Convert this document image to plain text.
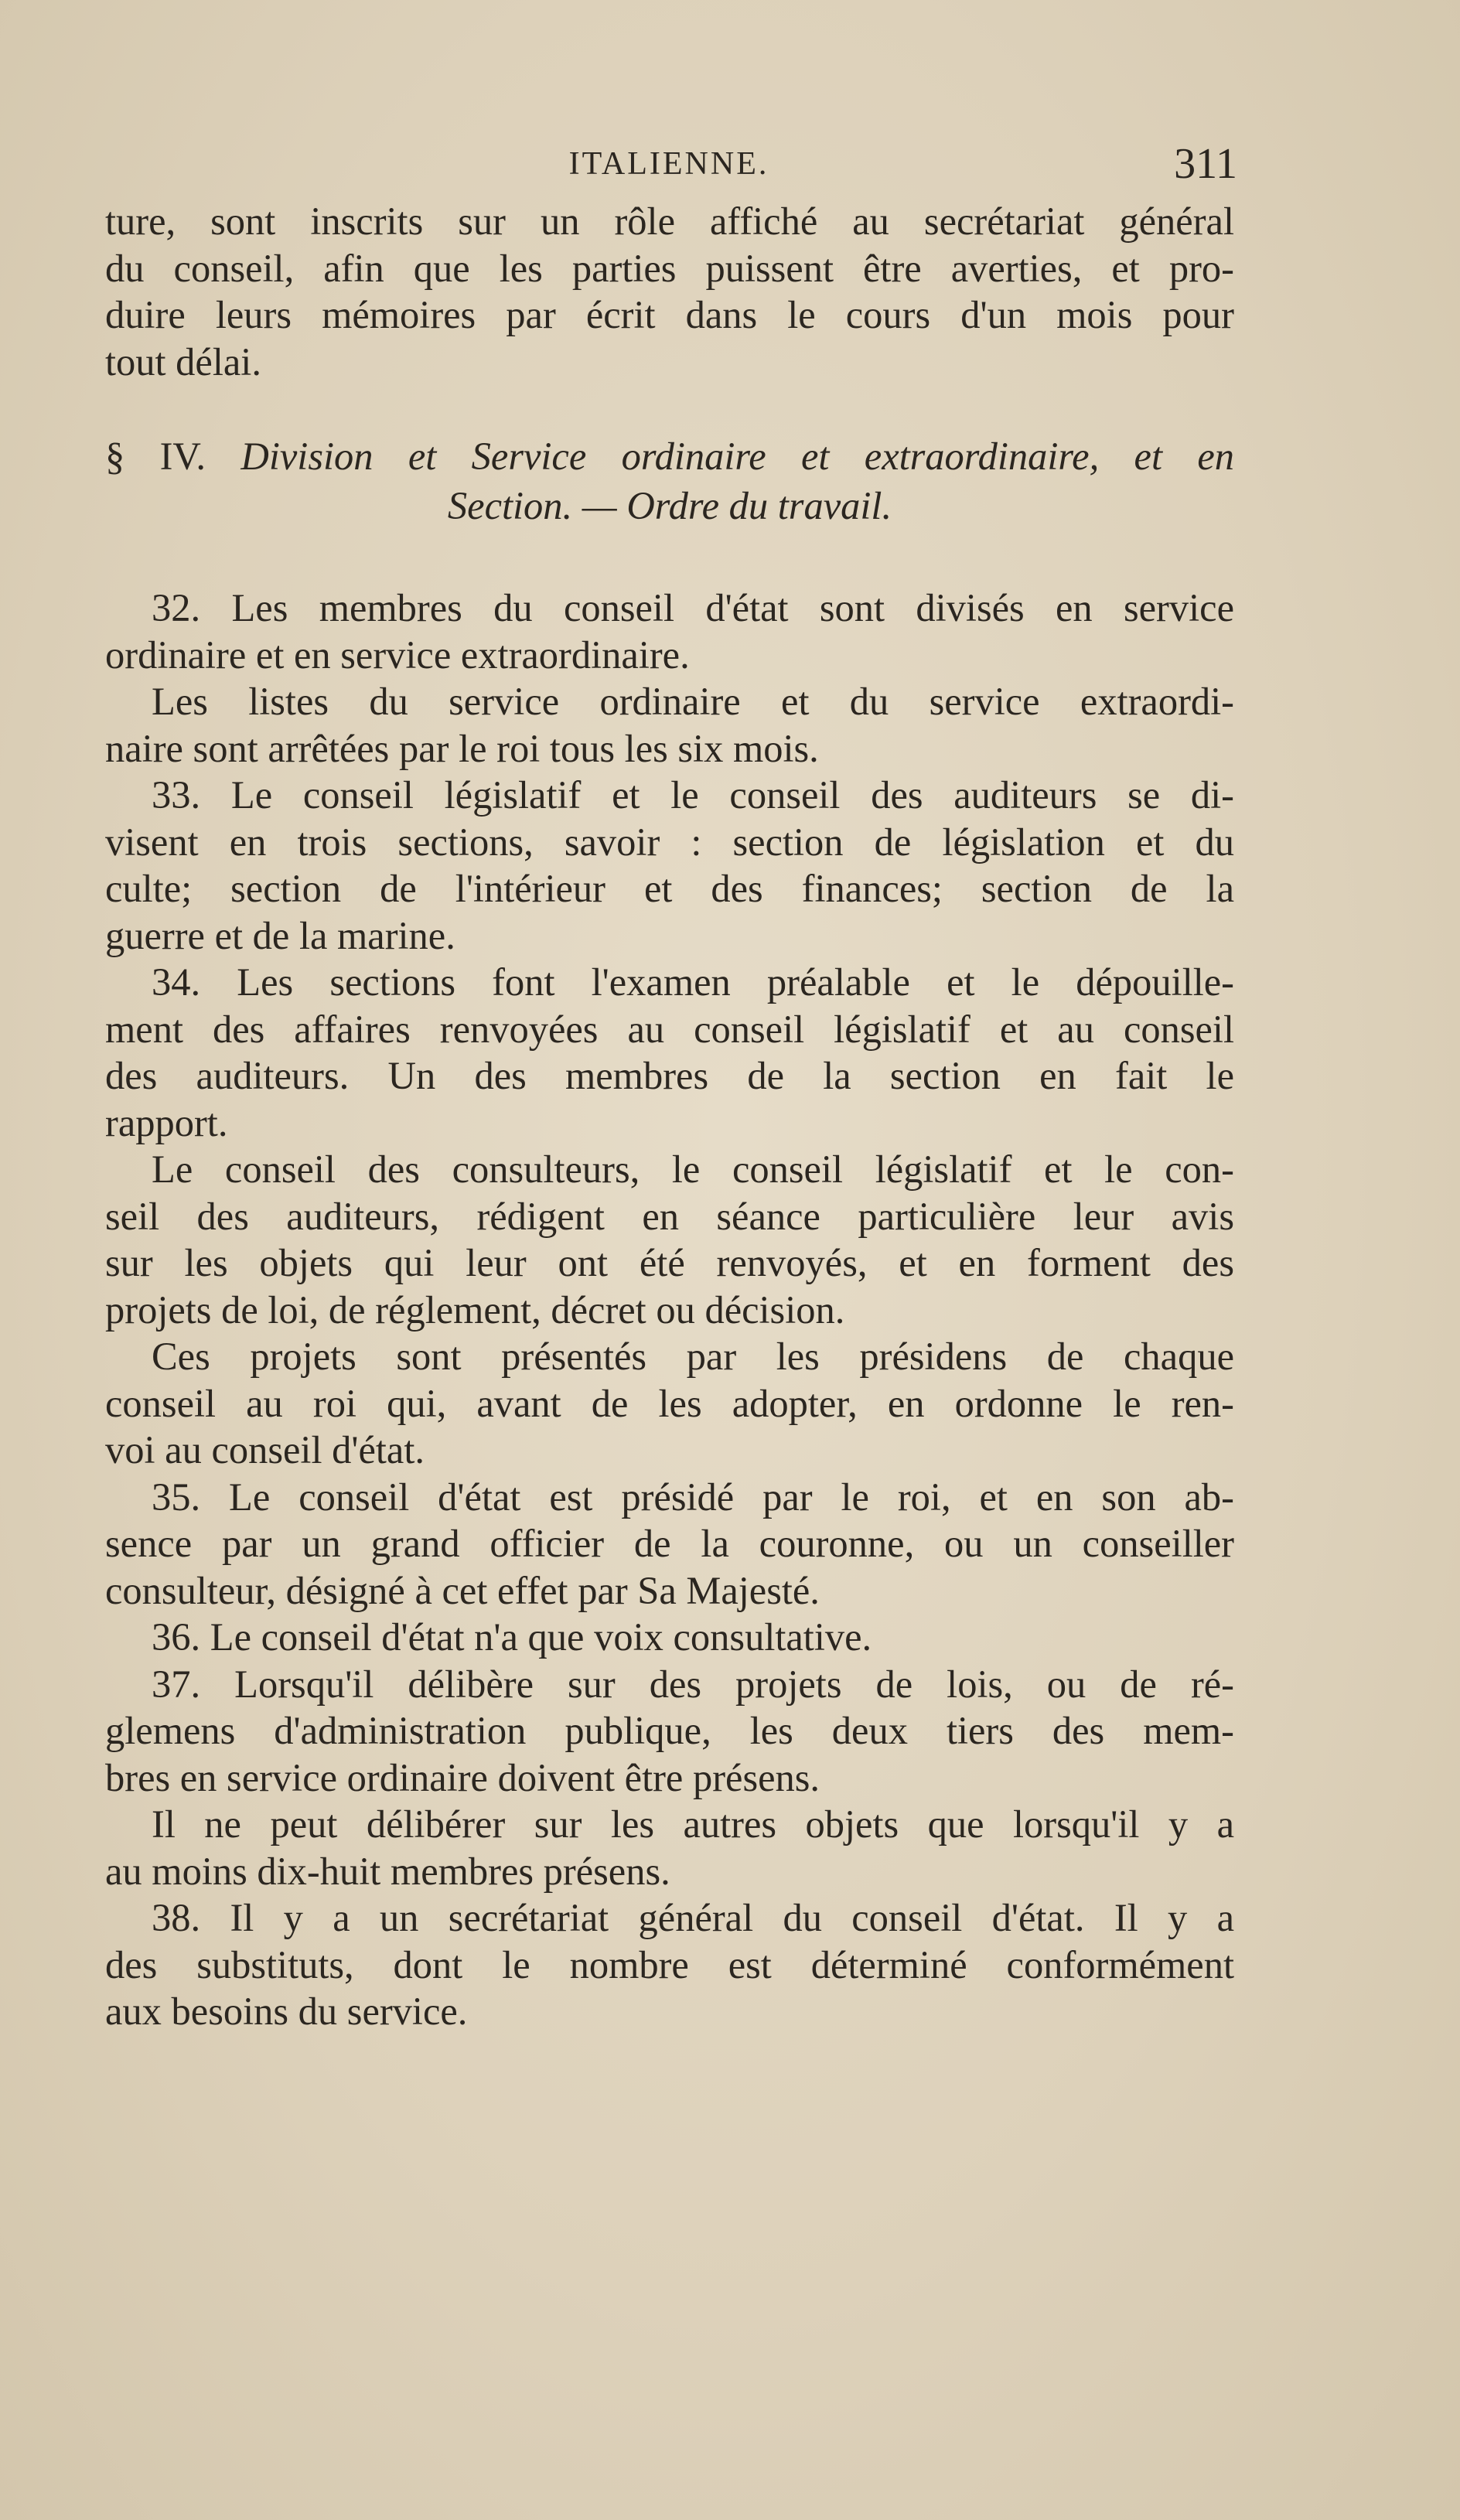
ITALIENNE.	311
ture, sont inscrits sur un rôle affiché au secrétariat général
du conseil, afin que les parties puissent être averties, et pro-
duire leurs mémoires par écrit dans le cours d'un mois pour
tout délai.
§ IV. Division et Service ordinaire et extraordinaire, et en
Section. — Ordre du travail.
32. Les membres du conseil d'état sont divisés en service
ordinaire et en service extraordinaire.
Les listes du service ordinaire et du service extraordi-
naire sont arrêtées par le roi tous les six mois.
33. Le conseil législatif et le conseil des auditeurs se di-
visent en trois sections, savoir : section de législation et du
culte; section de l'intérieur et des finances; section de la
guerre et de la marine.
34. Les sections font l'examen préalable et le dépouille-
ment des affaires renvoyées au conseil législatif et au conseil
des auditeurs. Un des membres de la section en fait le
rapport.
Le conseil des consulteurs, le conseil législatif et le con-
seil des auditeurs, rédigent en séance particulière leur avis
sur les objets qui leur ont été renvoyés, et en forment des
projets de loi, de réglement, décret ou décision.
Ces projets sont présentés par les présidens de chaque
conseil au roi qui, avant de les adopter, en ordonne le ren-
voi au conseil d'état.
35. Le conseil d'état est présidé par le roi, et en son ab-
sence par un grand officier de la couronne, ou un conseiller
consulteur, désigné à cet effet par Sa Majesté.
36. Le conseil d'état n'a que voix consultative.
37. Lorsqu'il délibère sur des projets de lois, ou de ré-
glemens d'administration publique, les deux tiers des mem-
bres en service ordinaire doivent être présens.
Il ne peut délibérer sur les autres objets que lorsqu'il y a
au moins dix-huit membres présens.
38. Il y a un secrétariat général du conseil d'état. Il y a
des substituts, dont le nombre est déterminé conformément
aux besoins du service.
